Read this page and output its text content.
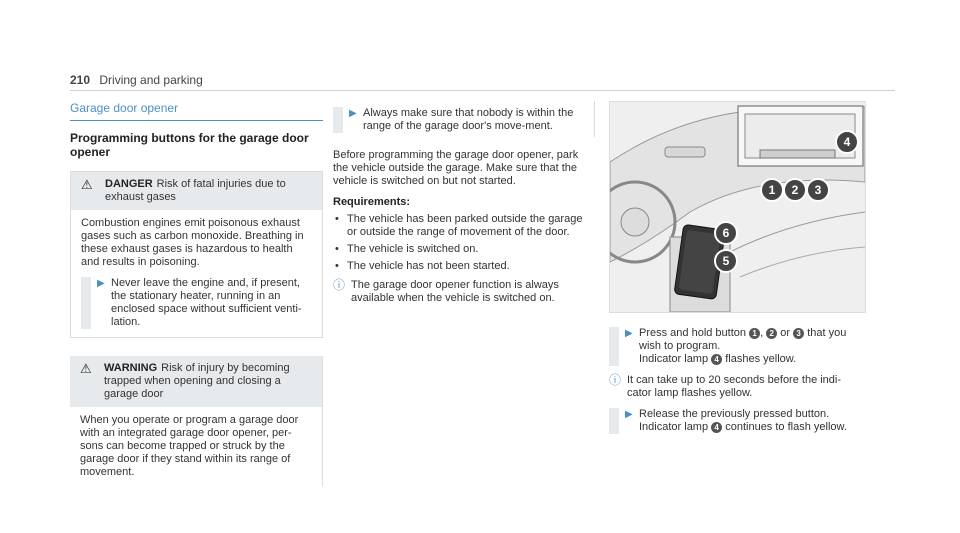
210 Driving and parking
Garage door opener
Programming buttons for the garage door opener
⚠	DANGER Risk of fatal injuries due to exhaust gases
Combustion engines emit poisonous exhaust gases such as carbon monoxide. Breathing in these exhaust gases is hazardous to health and results in poisoning.
▶ Never leave the engine and, if present, the stationary heater, running in an enclosed space without sufficient venti-lation.
⚠	WARNING Risk of injury by becoming trapped when opening and closing a garage door
When you operate or program a garage door with an integrated garage door opener, per-sons can become trapped or struck by the garage door if they stand within its range of movement.
▶ Always make sure that nobody is within the range of the garage door's move-ment.
Before programming the garage door opener, park the vehicle outside the garage. Make sure that the vehicle is switched on but not started.
Requirements:
• The vehicle has been parked outside the garage or outside the range of movement of the door.
• The vehicle is switched on.
• The vehicle has not been started.
ⓘ The garage door opener function is always available when the vehicle is switched on.
4
1	2	3
6
5
▶ Press and hold button 1 , 2 or 3 that you wish to program.
Indicator lamp 4 flashes yellow.
ⓘ It can take up to 20 seconds before the indi-cator lamp flashes yellow.
▶ Release the previously pressed button.
Indicator lamp 4 continues to flash yellow.
